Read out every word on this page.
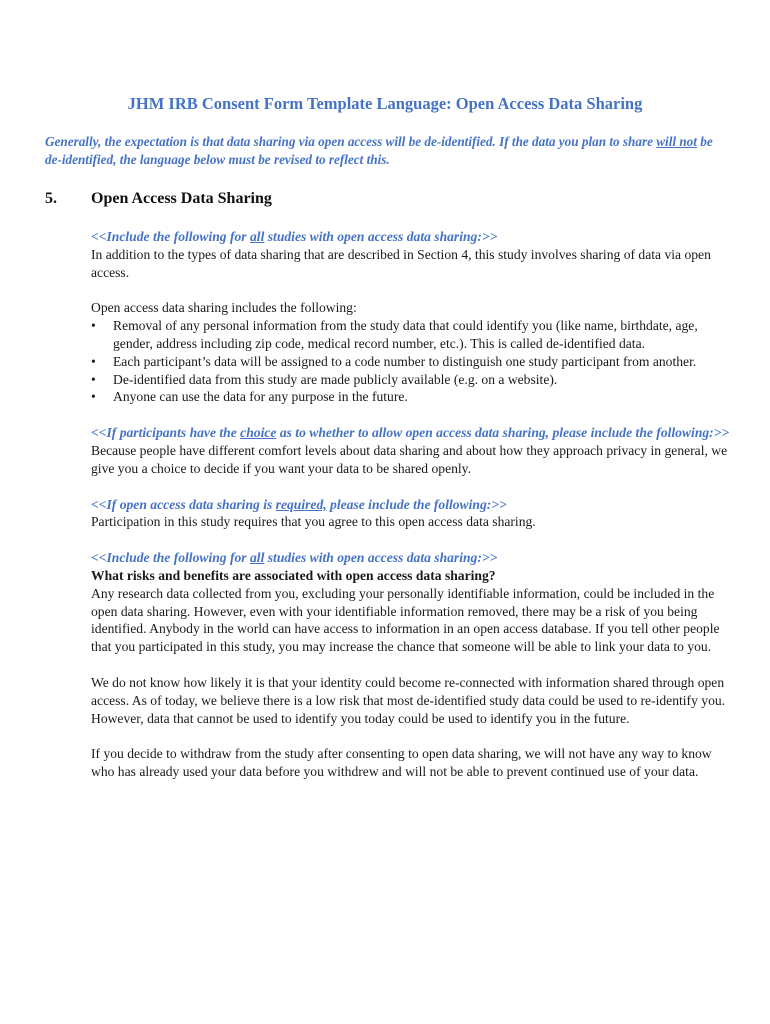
JHM IRB Consent Form Template Language: Open Access Data Sharing

Generally, the expectation is that data sharing via open access will be de-identified. If the data you plan to share will not be de-identified, the language below must be revised to reflect this.

5. Open Access Data Sharing

<<Include the following for all studies with open access data sharing:>>

In addition to the types of data sharing that are described in Section 4, this study involves sharing of data via open access.

Open access data sharing includes the following:

• Removal of any personal information from the study data that could identify you (like name, birthdate, age, gender, address including zip code, medical record number, etc.). This is called de-identified data.
• Each participant’s data will be assigned to a code number to distinguish one study participant from another.
• De-identified data from this study are made publicly available (e.g. on a website).
• Anyone can use the data for any purpose in the future.

<<If participants have the choice as to whether to allow open access data sharing, please include the following:>>

Because people have different comfort levels about data sharing and about how they approach privacy in general, we give you a choice to decide if you want your data to be shared openly.

<<If open access data sharing is required, please include the following:>>

Participation in this study requires that you agree to this open access data sharing.

<<Include the following for all studies with open access data sharing:>>

What risks and benefits are associated with open access data sharing?

Any research data collected from you, excluding your personally identifiable information, could be included in the open data sharing. However, even with your identifiable information removed, there may be a risk of you being identified. Anybody in the world can have access to information in an open access database. If you tell other people that you participated in this study, you may increase the chance that someone will be able to link your data to you.

We do not know how likely it is that your identity could become re-connected with information shared through open access. As of today, we believe there is a low risk that most de-identified study data could be used to re-identify you. However, data that cannot be used to identify you today could be used to identify you in the future.

If you decide to withdraw from the study after consenting to open data sharing, we will not have any way to know who has already used your data before you withdrew and will not be able to prevent continued use of your data.
